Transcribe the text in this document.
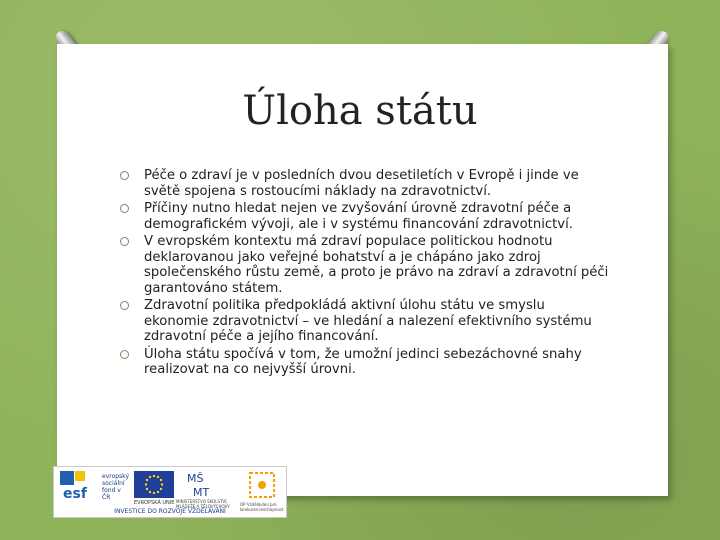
Úloha státu
Péče o zdraví je v posledních dvou desetiletích v Evropě i jinde ve světě spojena s rostoucími náklady na zdravotnictví.
Příčiny nutno hledat nejen ve zvyšování úrovně zdravotní péče a demografickém vývoji, ale i v systému financování zdravotnictví.
V evropském kontextu má zdraví populace politickou hodnotu deklarovanou jako veřejné bohatství a je chápáno jako zdroj společenského růstu země, a proto je právo na zdraví a zdravotní péči garantováno státem.
Zdravotní politika předpokládá aktivní úlohu státu ve smyslu ekonomie zdravotnictví – ve hledání a nalezení efektivního systému zdravotní péče a jejího financování.
Úloha státu spočívá v tom, že umožní jedinci sebezáchovné snahy realizovat na co nejvyšší úrovni.
esf
evropský sociální fond v ČR
EVROPSKÁ UNIE
MŠ
MT
MINISTERSTVO ŠKOLSTVÍ, MLÁDEŽE A TĚLOVÝCHOVY	OP Vzdělávání pro konkurenceschopnost
INVESTICE DO ROZVOJE VZDĚLÁVÁNÍ
